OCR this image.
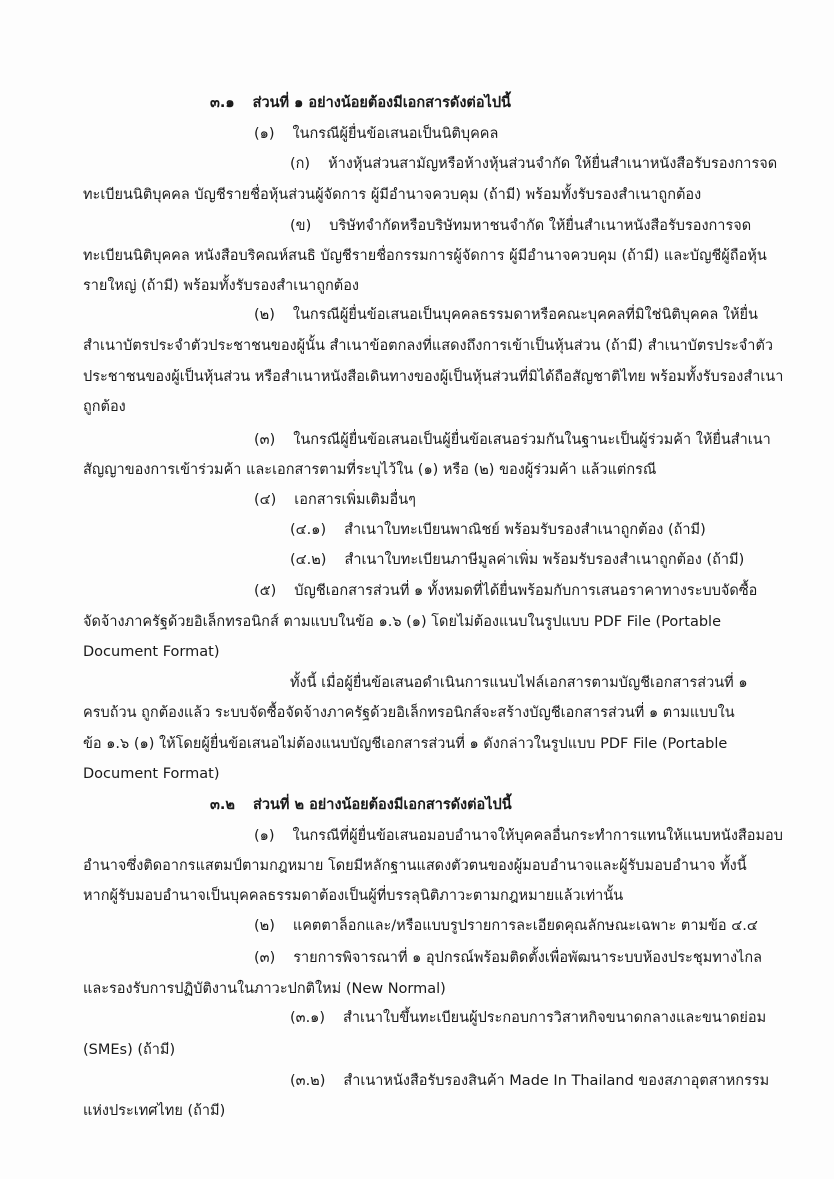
๓.๑ ส่วนที่ ๑ อย่างน้อยต้องมีเอกสารดังต่อไปนี้
(๑) ในกรณีผู้ยื่นข้อเสนอเป็นนิติบุคคล
(ก) ห้างหุ้นส่วนสามัญหรือห้างหุ้นส่วนจำกัด ให้ยื่นสำเนาหนังสือรับรองการจด
ทะเบียนนิติบุคคล บัญชีรายชื่อหุ้นส่วนผู้จัดการ ผู้มีอำนาจควบคุม (ถ้ามี) พร้อมทั้งรับรองสำเนาถูกต้อง
(ข) บริษัทจำกัดหรือบริษัทมหาชนจำกัด ให้ยื่นสำเนาหนังสือรับรองการจด
ทะเบียนนิติบุคคล หนังสือบริคณห์สนธิ บัญชีรายชื่อกรรมการผู้จัดการ ผู้มีอำนาจควบคุม (ถ้ามี) และบัญชีผู้ถือหุ้น
รายใหญ่ (ถ้ามี) พร้อมทั้งรับรองสำเนาถูกต้อง
(๒) ในกรณีผู้ยื่นข้อเสนอเป็นบุคคลธรรมดาหรือคณะบุคคลที่มิใช่นิติบุคคล ให้ยื่น
สำเนาบัตรประจำตัวประชาชนของผู้นั้น สำเนาข้อตกลงที่แสดงถึงการเข้าเป็นหุ้นส่วน (ถ้ามี) สำเนาบัตรประจำตัว
ประชาชนของผู้เป็นหุ้นส่วน หรือสำเนาหนังสือเดินทางของผู้เป็นหุ้นส่วนที่มิได้ถือสัญชาติไทย พร้อมทั้งรับรองสำเนา
ถูกต้อง
(๓) ในกรณีผู้ยื่นข้อเสนอเป็นผู้ยื่นข้อเสนอร่วมกันในฐานะเป็นผู้ร่วมค้า ให้ยื่นสำเนา
สัญญาของการเข้าร่วมค้า และเอกสารตามที่ระบุไว้ใน (๑) หรือ (๒) ของผู้ร่วมค้า แล้วแต่กรณี
(๔) เอกสารเพิ่มเติมอื่นๆ
(๔.๑) สำเนาใบทะเบียนพาณิชย์ พร้อมรับรองสำเนาถูกต้อง (ถ้ามี)
(๔.๒) สำเนาใบทะเบียนภาษีมูลค่าเพิ่ม พร้อมรับรองสำเนาถูกต้อง (ถ้ามี)
(๕) บัญชีเอกสารส่วนที่ ๑ ทั้งหมดที่ได้ยื่นพร้อมกับการเสนอราคาทางระบบจัดซื้อ
จัดจ้างภาครัฐด้วยอิเล็กทรอนิกส์ ตามแบบในข้อ ๑.๖ (๑) โดยไม่ต้องแนบในรูปแบบ PDF File (Portable
Document Format)
ทั้งนี้ เมื่อผู้ยื่นข้อเสนอดำเนินการแนบไฟล์เอกสารตามบัญชีเอกสารส่วนที่ ๑
ครบถ้วน ถูกต้องแล้ว ระบบจัดซื้อจัดจ้างภาครัฐด้วยอิเล็กทรอนิกส์จะสร้างบัญชีเอกสารส่วนที่ ๑ ตามแบบใน
ข้อ ๑.๖ (๑) ให้โดยผู้ยื่นข้อเสนอไม่ต้องแนบบัญชีเอกสารส่วนที่ ๑ ดังกล่าวในรูปแบบ PDF File (Portable
Document Format)
๓.๒ ส่วนที่ ๒ อย่างน้อยต้องมีเอกสารดังต่อไปนี้
(๑) ในกรณีที่ผู้ยื่นข้อเสนอมอบอำนาจให้บุคคลอื่นกระทำการแทนให้แนบหนังสือมอบ
อำนาจซึ่งติดอากรแสตมป์ตามกฎหมาย โดยมีหลักฐานแสดงตัวตนของผู้มอบอำนาจและผู้รับมอบอำนาจ ทั้งนี้
หากผู้รับมอบอำนาจเป็นบุคคลธรรมดาต้องเป็นผู้ที่บรรลุนิติภาวะตามกฎหมายแล้วเท่านั้น
(๒) แคตตาล็อกและ/หรือแบบรูปรายการละเอียดคุณลักษณะเฉพาะ ตามข้อ ๔.๔
(๓) รายการพิจารณาที่ ๑ อุปกรณ์พร้อมติดตั้งเพื่อพัฒนาระบบห้องประชุมทางไกล
และรองรับการปฏิบัติงานในภาวะปกติใหม่ (New Normal)
(๓.๑) สำเนาใบขึ้นทะเบียนผู้ประกอบการวิสาหกิจขนาดกลางและขนาดย่อม
(SMEs) (ถ้ามี)
(๓.๒) สำเนาหนังสือรับรองสินค้า Made In Thailand ของสภาอุตสาหกรรม
แห่งประเทศไทย (ถ้ามี)
